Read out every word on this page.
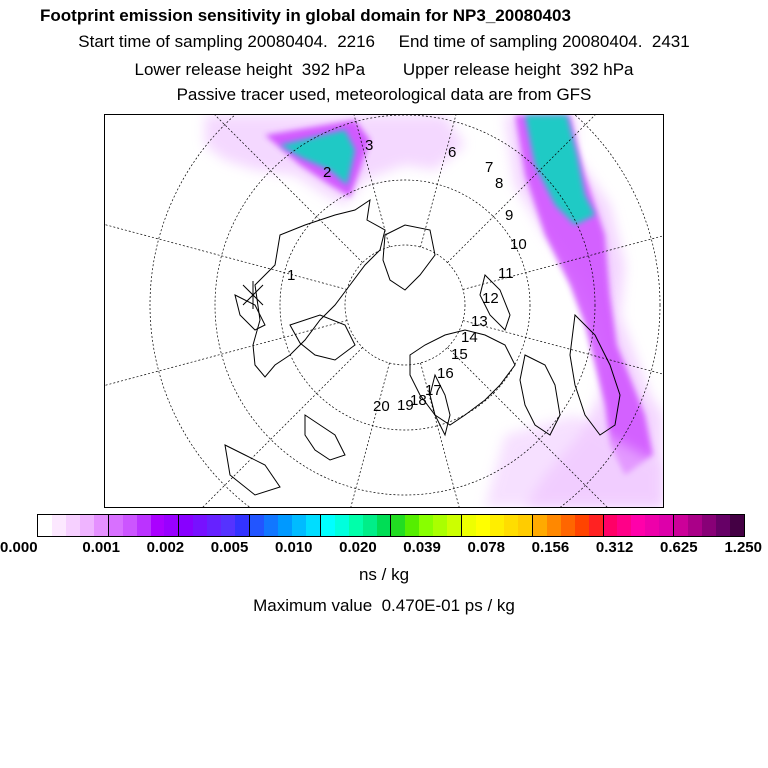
Footprint emission sensitivity in global domain for NP3_20080403
Start time of sampling 20080404.  2216     End time of sampling 20080404.  2431
Lower release height  392 hPa        Upper release height  392 hPa
Passive tracer used, meteorological data are from GFS
1
2
3	6
7
8
9
10
11
12
13
14
15
16
17
18
19
20
0.000	0.001 0.002 0.005 0.010 0.020 0.039 0.078 0.156 0.312 0.625 1.250
ns / kg
Maximum value  0.470E-01 ps / kg
